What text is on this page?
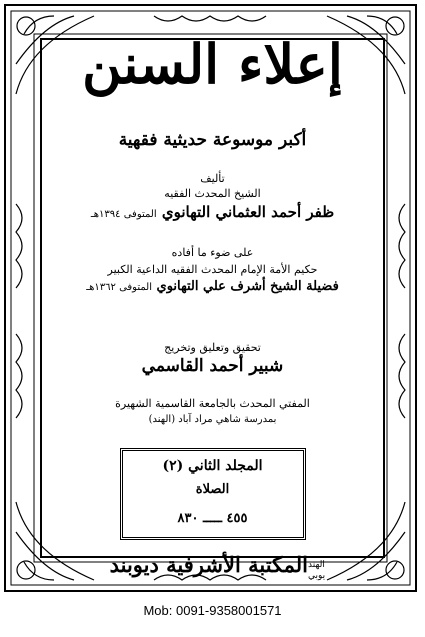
إعلاء السنن
أكبر موسوعة حديثية فقهية
تأليف
الشيخ المحدث الفقيه
ظفر أحمد العثماني التهانوي المتوفى ١٣٩٤هـ
على ضوء ما أفاده
حكيم الأمة الإمام المحدث الفقيه الداعية الكبير
فضيلة الشيخ أشرف علي التهانوي المتوفى ١٣٦٢هـ
تحقيق وتعليق وتخريج
شبير أحمد القاسمي
المفتي المحدث بالجامعة القاسمية الشهيرة
بمدرسة شاهي مراد آباد (الهند)
المجلد الثاني (٢)
الصلاة
٤٥٥ ـــــ ٨٣٠
المكتبة الأشرفية ديوبند الهند
يوبي
Mob: 0091-9358001571
